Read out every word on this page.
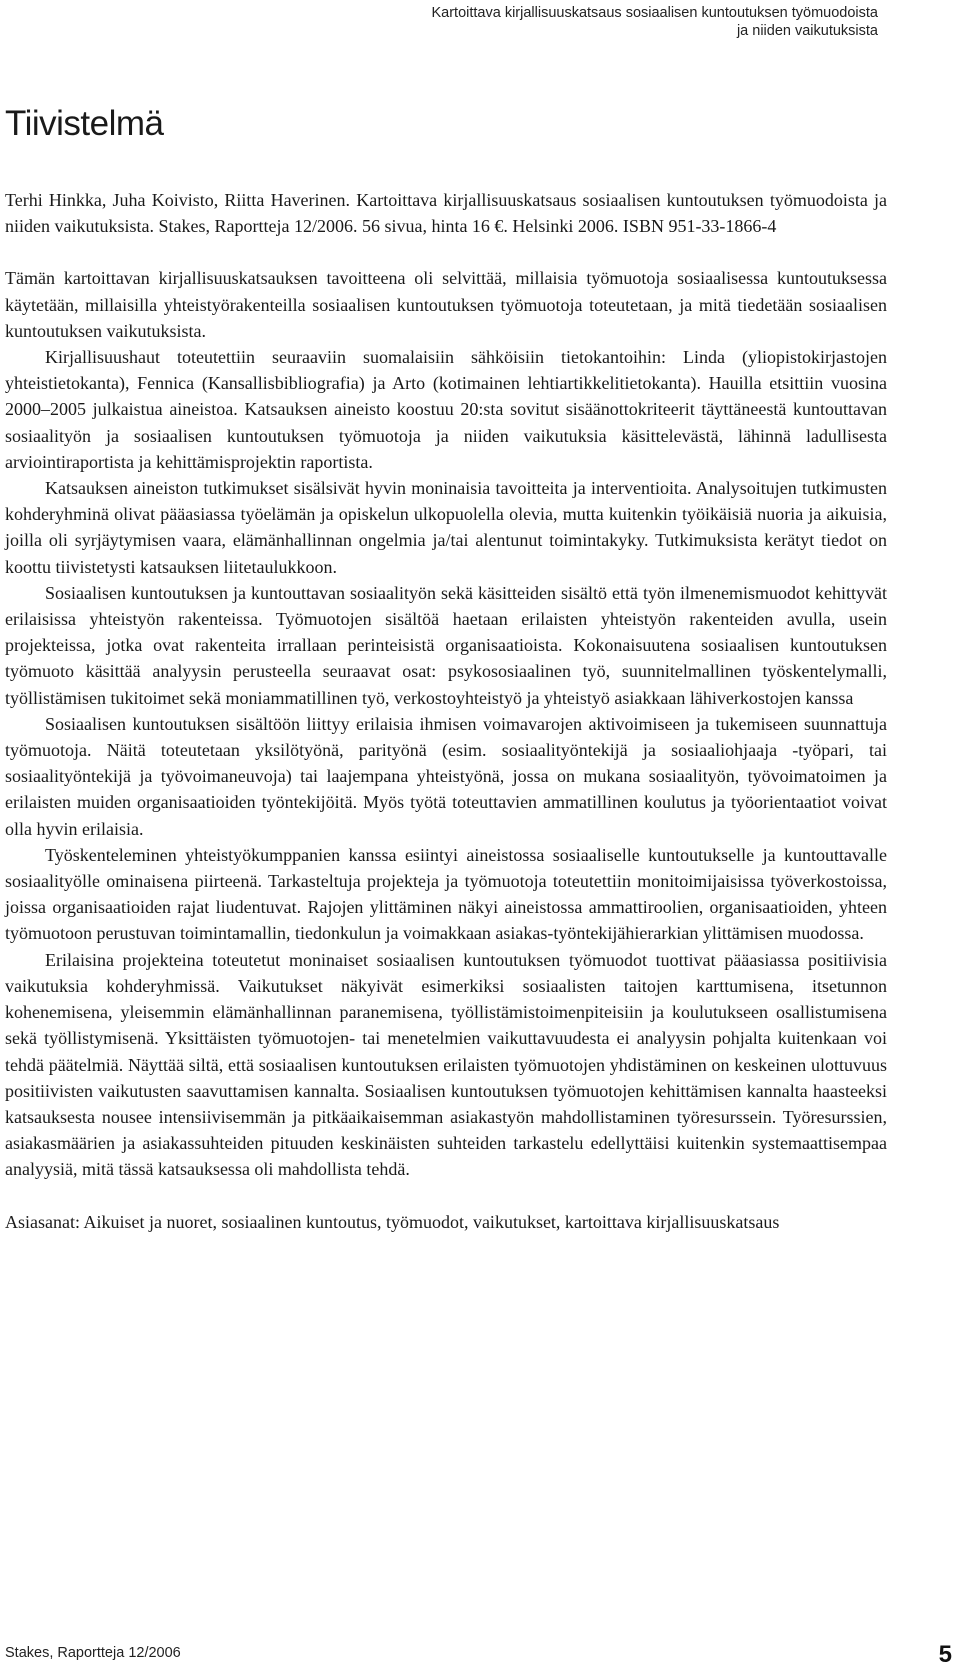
Kartoittava kirjallisuuskatsaus sosiaalisen kuntoutuksen työmuodoista
ja niiden vaikutuksista
Tiivistelmä

Terhi Hinkka, Juha Koivisto, Riitta Haverinen. Kartoittava kirjallisuuskatsaus sosiaalisen kuntoutuksen työmuodoista ja niiden vaikutuksista. Stakes, Raportteja 12/2006. 56 sivua, hinta 16 €. Helsinki 2006. ISBN 951-33-1866-4

Tämän kartoittavan kirjallisuuskatsauksen tavoitteena oli selvittää, millaisia työmuotoja sosiaalisessa kuntoutuksessa käytetään, millaisilla yhteistyörakenteilla sosiaalisen kuntoutuksen työmuotoja toteutetaan, ja mitä tiedetään sosiaalisen kuntoutuksen vaikutuksista.

Kirjallisuushaut toteutettiin seuraaviin suomalaisiin sähköisiin tietokantoihin: Linda (yliopistokirjastojen yhteistietokanta), Fennica (Kansallisbibliografia) ja Arto (kotimainen lehtiartikkelitietokanta). Hauilla etsittiin vuosina 2000–2005 julkaistua aineistoa. Katsauksen aineisto koostuu 20:sta sovitut sisäänottokriteerit täyttäneestä kuntouttavan sosiaalityön ja sosiaalisen kuntoutuksen työmuotoja ja niiden vaikutuksia käsittelevästä, lähinnä ladullisesta arviointiraportista ja kehittämisprojektin raportista.

Katsauksen aineiston tutkimukset sisälsivät hyvin moninaisia tavoitteita ja interventioita. Analysoitujen tutkimusten kohderyhminä olivat pääasiassa työelämän ja opiskelun ulkopuolella olevia, mutta kuitenkin työikäisiä nuoria ja aikuisia, joilla oli syrjäytymisen vaara, elämänhallinnan ongelmia ja/tai alentunut toimintakyky. Tutkimuksista kerätyt tiedot on koottu tiivistetysti katsauksen liitetaulukkoon.

Sosiaalisen kuntoutuksen ja kuntouttavan sosiaalityön sekä käsitteiden sisältö että työn ilmenemismuodot kehittyvät erilaisissa yhteistyön rakenteissa. Työmuotojen sisältöä haetaan erilaisten yhteistyön rakenteiden avulla, usein projekteissa, jotka ovat rakenteita irrallaan perinteisistä organisaatioista. Kokonaisuutena sosiaalisen kuntoutuksen työmuoto käsittää analyysin perusteella seuraavat osat: psykososiaalinen työ, suunnitelmallinen työskentelymalli, työllistämisen tukitoimet sekä moniammatillinen työ, verkostoyhteistyö ja yhteistyö asiakkaan lähiverkostojen kanssa

Sosiaalisen kuntoutuksen sisältöön liittyy erilaisia ihmisen voimavarojen aktivoimiseen ja tukemiseen suunnattuja työmuotoja. Näitä toteutetaan yksilötyönä, parityönä (esim. sosiaalityöntekijä ja sosiaaliohjaaja -työpari, tai sosiaalityöntekijä ja työvoimaneuvoja) tai laajempana yhteistyönä, jossa on mukana sosiaalityön, työvoimatoimen ja erilaisten muiden organisaatioiden työntekijöitä. Myös työtä toteuttavien ammatillinen koulutus ja työorientaatiot voivat olla hyvin erilaisia.

Työskenteleminen yhteistyökumppanien kanssa esiintyi aineistossa sosiaaliselle kuntoutukselle ja kuntouttavalle sosiaalityölle ominaisena piirteenä. Tarkasteltuja projekteja ja työmuotoja toteutettiin monitoimijaisissa työverkostoissa, joissa organisaatioiden rajat liudentuvat. Rajojen ylittäminen näkyi aineistossa ammattiroolien, organisaatioiden, yhteen työmuotoon perustuvan toimintamallin, tiedonkulun ja voimakkaan asiakas-työntekijähierarkian ylittämisen muodossa.

Erilaisina projekteina toteutetut moninaiset sosiaalisen kuntoutuksen työmuodot tuottivat pääasiassa positiivisia vaikutuksia kohderyhmissä. Vaikutukset näkyivät esimerkiksi sosiaalisten taitojen karttumisena, itsetunnon kohenemisena, yleisemmin elämänhallinnan paranemisena, työllistämistoimenpiteisiin ja koulutukseen osallistumisena sekä työllistymisenä. Yksittäisten työmuotojen- tai menetelmien vaikuttavuudesta ei analyysin pohjalta kuitenkaan voi tehdä päätelmiä. Näyttää siltä, että sosiaalisen kuntoutuksen erilaisten työmuotojen yhdistäminen on keskeinen ulottuvuus positiivisten vaikutusten saavuttamisen kannalta. Sosiaalisen kuntoutuksen työmuotojen kehittämisen kannalta haasteeksi katsauksesta nousee intensiivisemmän ja pitkäaikaisemman asiakastyön mahdollistaminen työresurssein. Työresurssien, asiakasmäärien ja asiakassuhteiden pituuden keskinäisten suhteiden tarkastelu edellyttäisi kuitenkin systemaattisempaa analyysiä, mitä tässä katsauksessa oli mahdollista tehdä.

Asiasanat: Aikuiset ja nuoret, sosiaalinen kuntoutus, työmuodot, vaikutukset, kartoittava kirjallisuuskatsaus

Stakes, Raportteja 12/2006	5
